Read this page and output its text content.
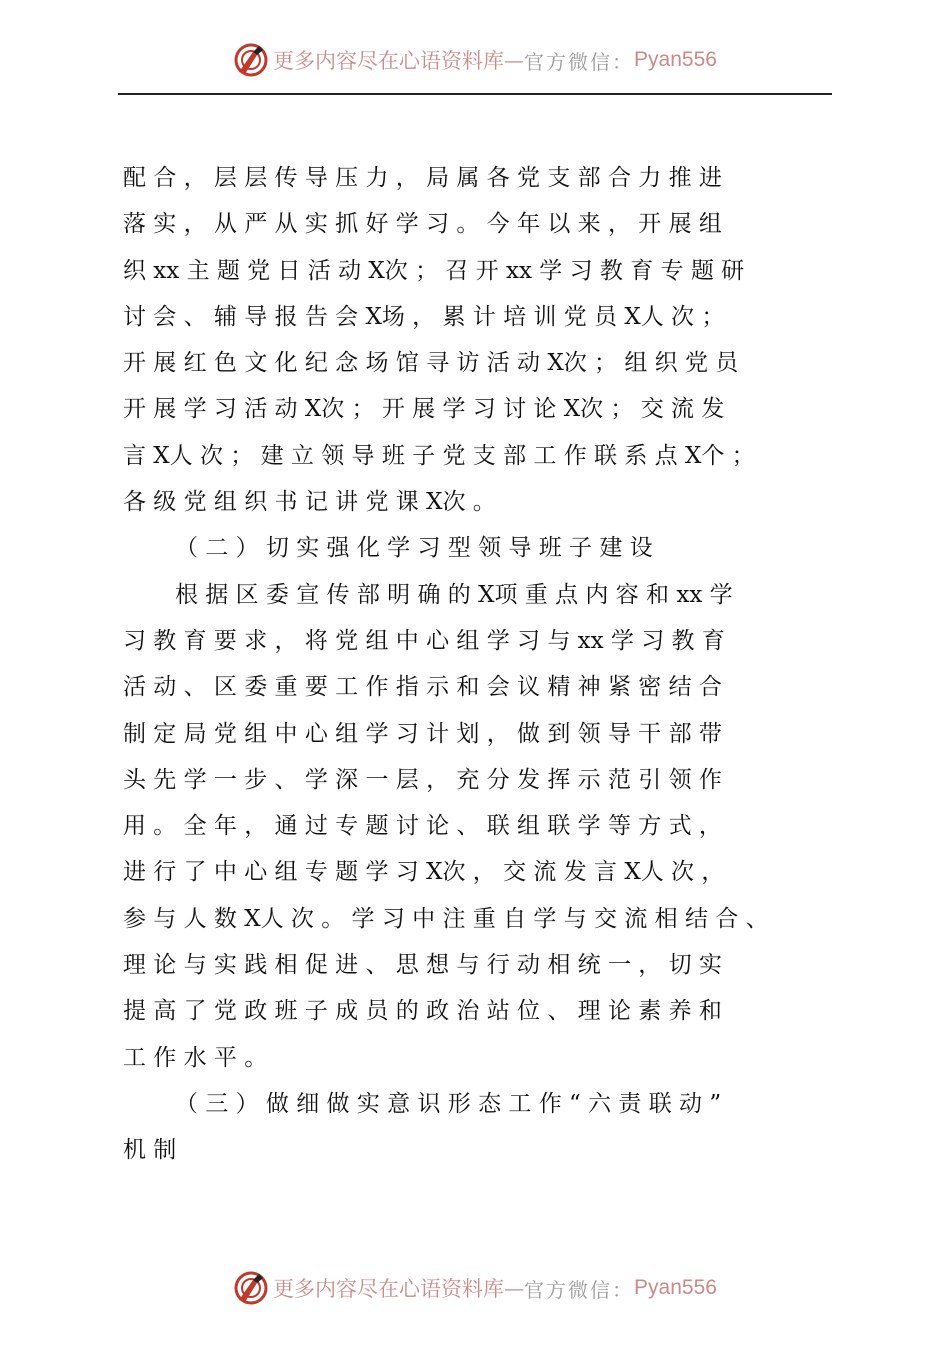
更多内容尽在心语资料库 — 官方微信： Pyan556
配 合 ， 层 层 传 导 压 力 ， 局 属 各 党 支 部 合 力 推 进
落 实 ， 从 严 从 实 抓 好 学 习 。 今 年 以 来 ， 开 展 组
织 xx 主 题 党 日 活 动 X次 ； 召 开 xx 学 习 教 育 专 题 研
讨 会 、 辅 导 报 告 会 X场 ， 累 计 培 训 党 员 X人 次 ；
开 展 红 色 文 化 纪 念 场 馆 寻 访 活 动 X次 ； 组 织 党 员
开 展 学 习 活 动 X次 ； 开 展 学 习 讨 论 X次 ； 交 流 发
言 X人 次 ； 建 立 领 导 班 子 党 支 部 工 作 联 系 点 X个 ；
各 级 党 组 织 书 记 讲 党 课 X次 。
（ 二 ） 切 实 强 化 学 习 型 领 导 班 子 建 设
根 据 区 委 宣 传 部 明 确 的 X项 重 点 内 容 和 xx 学
习 教 育 要 求 ， 将 党 组 中 心 组 学 习 与 xx 学 习 教 育
活 动 、 区 委 重 要 工 作 指 示 和 会 议 精 神 紧 密 结 合
制 定 局 党 组 中 心 组 学 习 计 划 ， 做 到 领 导 干 部 带
头 先 学 一 步 、 学 深 一 层 ， 充 分 发 挥 示 范 引 领 作
用 。 全 年 ， 通 过 专 题 讨 论 、 联 组 联 学 等 方 式 ，
进 行 了 中 心 组 专 题 学 习 X次 ， 交 流 发 言 X人 次 ，
参 与 人 数 X人 次 。 学 习 中 注 重 自 学 与 交 流 相 结 合 、
理 论 与 实 践 相 促 进 、 思 想 与 行 动 相 统 一 ， 切 实
提 高 了 党 政 班 子 成 员 的 政 治 站 位 、 理 论 素 养 和
工 作 水 平 。
（ 三 ） 做 细 做 实 意 识 形 态 工 作 “ 六 责 联 动 ”
机 制
更多内容尽在心语资料库 — 官方微信： Pyan556
